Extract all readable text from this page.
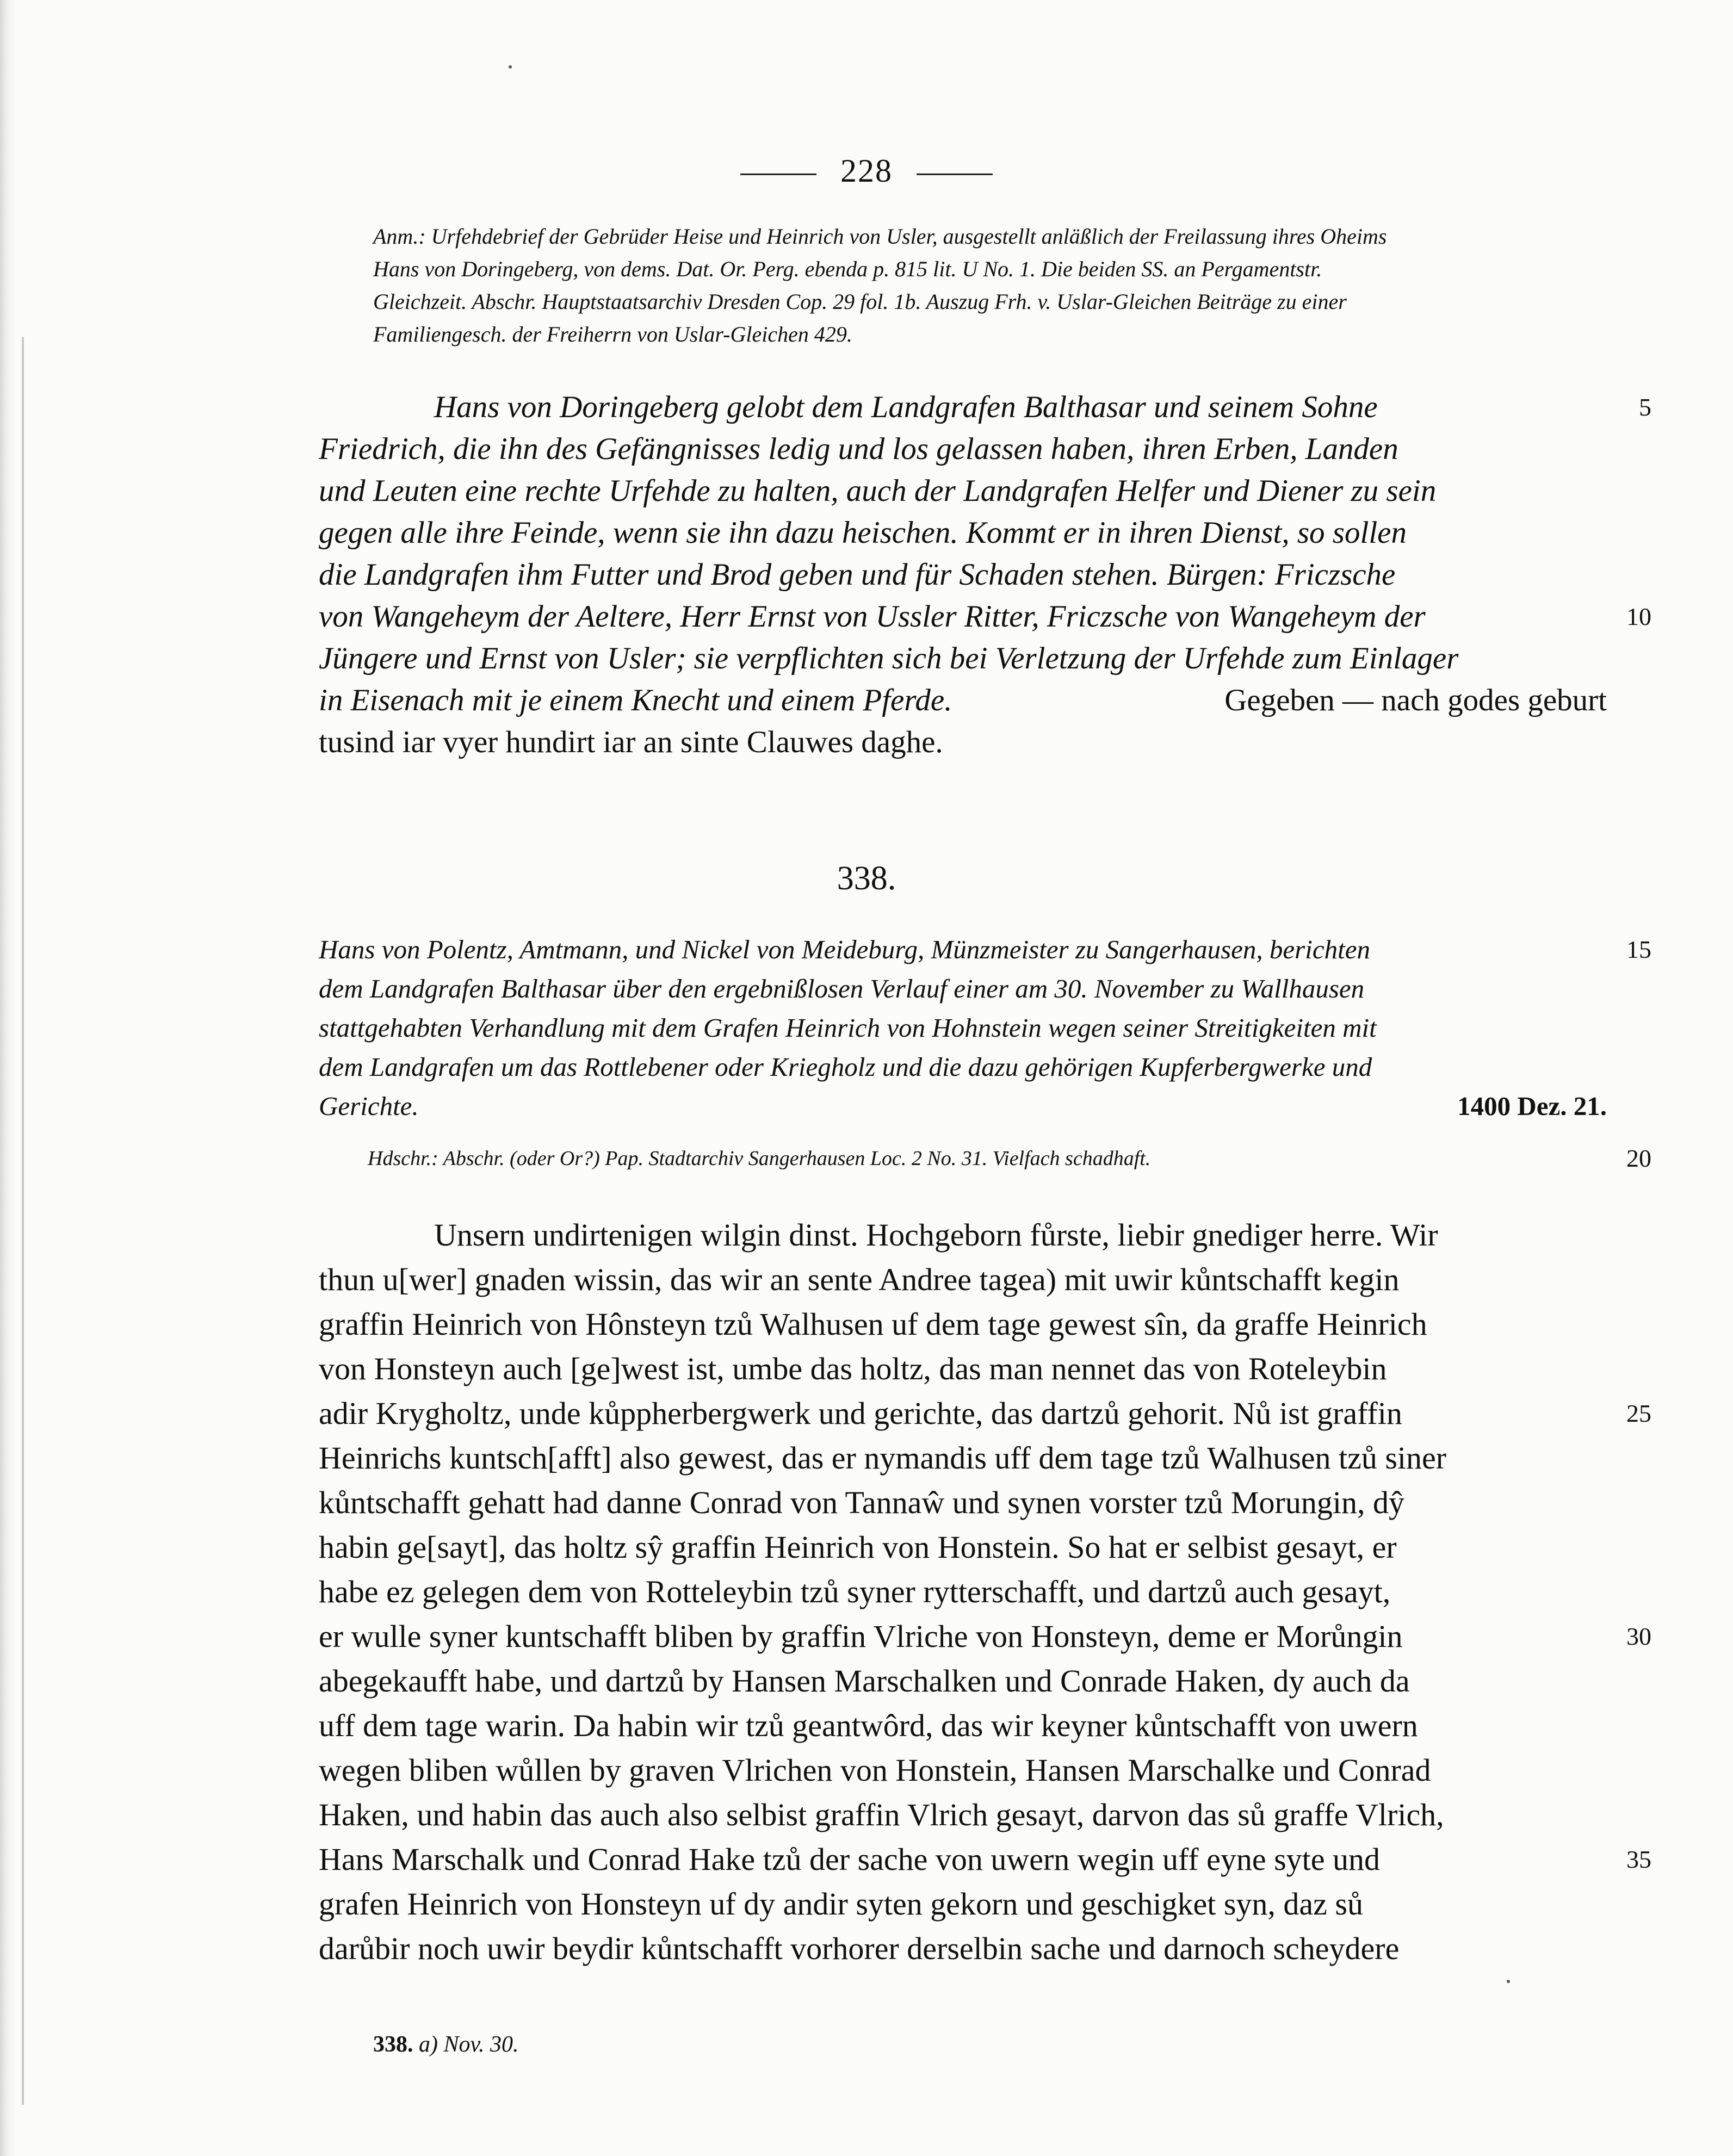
228
Anm.: Urfehdebrief der Gebrüder Heise und Heinrich von Usler, ausgestellt anläßlich der Freilassung ihres Oheims
Hans von Doringeberg, von dems. Dat. Or. Perg. ebenda p. 815 lit. U No. 1. Die beiden SS. an Pergamentstr.
Gleichzeit. Abschr. Hauptstaatsarchiv Dresden Cop. 29 fol. 1b. Auszug Frh. v. Uslar-Gleichen Beiträge zu einer
Familiengesch. der Freiherrn von Uslar-Gleichen 429.
Hans von Doringeberg gelobt dem Landgrafen Balthasar und seinem Sohne	5
Friedrich, die ihn des Gefängnisses ledig und los gelassen haben, ihren Erben, Landen
und Leuten eine rechte Urfehde zu halten, auch der Landgrafen Helfer und Diener zu sein
gegen alle ihre Feinde, wenn sie ihn dazu heischen. Kommt er in ihren Dienst, so sollen
die Landgrafen ihm Futter und Brod geben und für Schaden stehen. Bürgen: Friczsche
von Wangeheym der Aeltere, Herr Ernst von Ussler Ritter, Friczsche von Wangeheym der	10
Jüngere und Ernst von Usler; sie verpflichten sich bei Verletzung der Urfehde zum Einlager
in Eisenach mit je einem Knecht und einem Pferde.	Gegeben — nach godes geburt
tusind iar vyer hundirt iar an sinte Clauwes daghe.
338.
Hans von Polentz, Amtmann, und Nickel von Meideburg, Münzmeister zu Sangerhausen, berichten	15
dem Landgrafen Balthasar über den ergebnißlosen Verlauf einer am 30. November zu Wallhausen
stattgehabten Verhandlung mit dem Grafen Heinrich von Hohnstein wegen seiner Streitigkeiten mit
dem Landgrafen um das Rottlebener oder Kriegholz und die dazu gehörigen Kupferbergwerke und
Gerichte.	1400 Dez. 21.
Hdschr.: Abschr. (oder Or?) Pap. Stadtarchiv Sangerhausen Loc. 2 No. 31. Vielfach schadhaft.	20
Unsern undirtenigen wilgin dinst. Hochgeborn fůrste, liebir gnediger herre. Wir
thun u[wer] gnaden wissin, das wir an sente Andree tagea) mit uwir kůntschafft kegin
graffin Heinrich von Hônsteyn tzů Walhusen uf dem tage gewest sîn, da graffe Heinrich
von Honsteyn auch [ge]west ist, umbe das holtz, das man nennet das von Roteleybin
adir Krygholtz, unde kůppherbergwerk und gerichte, das dartzů gehorit. Nů ist graffin	25
Heinrichs kuntsch[afft] also gewest, das er nymandis uff dem tage tzů Walhusen tzů siner
kůntschafft gehatt had danne Conrad von Tannaŵ und synen vorster tzů Morungin, dŷ
habin ge[sayt], das holtz sŷ graffin Heinrich von Honstein. So hat er selbist gesayt, er
habe ez gelegen dem von Rotteleybin tzů syner rytterschafft, und dartzů auch gesayt,
er wulle syner kuntschafft bliben by graffin Vlriche von Honsteyn, deme er Morůngin	30
abegekaufft habe, und dartzů by Hansen Marschalken und Conrade Haken, dy auch da
uff dem tage warin. Da habin wir tzů geantwôrd, das wir keyner kůntschafft von uwern
wegen bliben wůllen by graven Vlrichen von Honstein, Hansen Marschalke und Conrad
Haken, und habin das auch also selbist graffin Vlrich gesayt, darvon das sů graffe Vlrich,
Hans Marschalk und Conrad Hake tzů der sache von uwern wegin uff eyne syte und	35
grafen Heinrich von Honsteyn uf dy andir syten gekorn und geschigket syn, daz sů
darůbir noch uwir beydir kůntschafft vorhorer derselbin sache und darnoch scheydere
338. a) Nov. 30.
